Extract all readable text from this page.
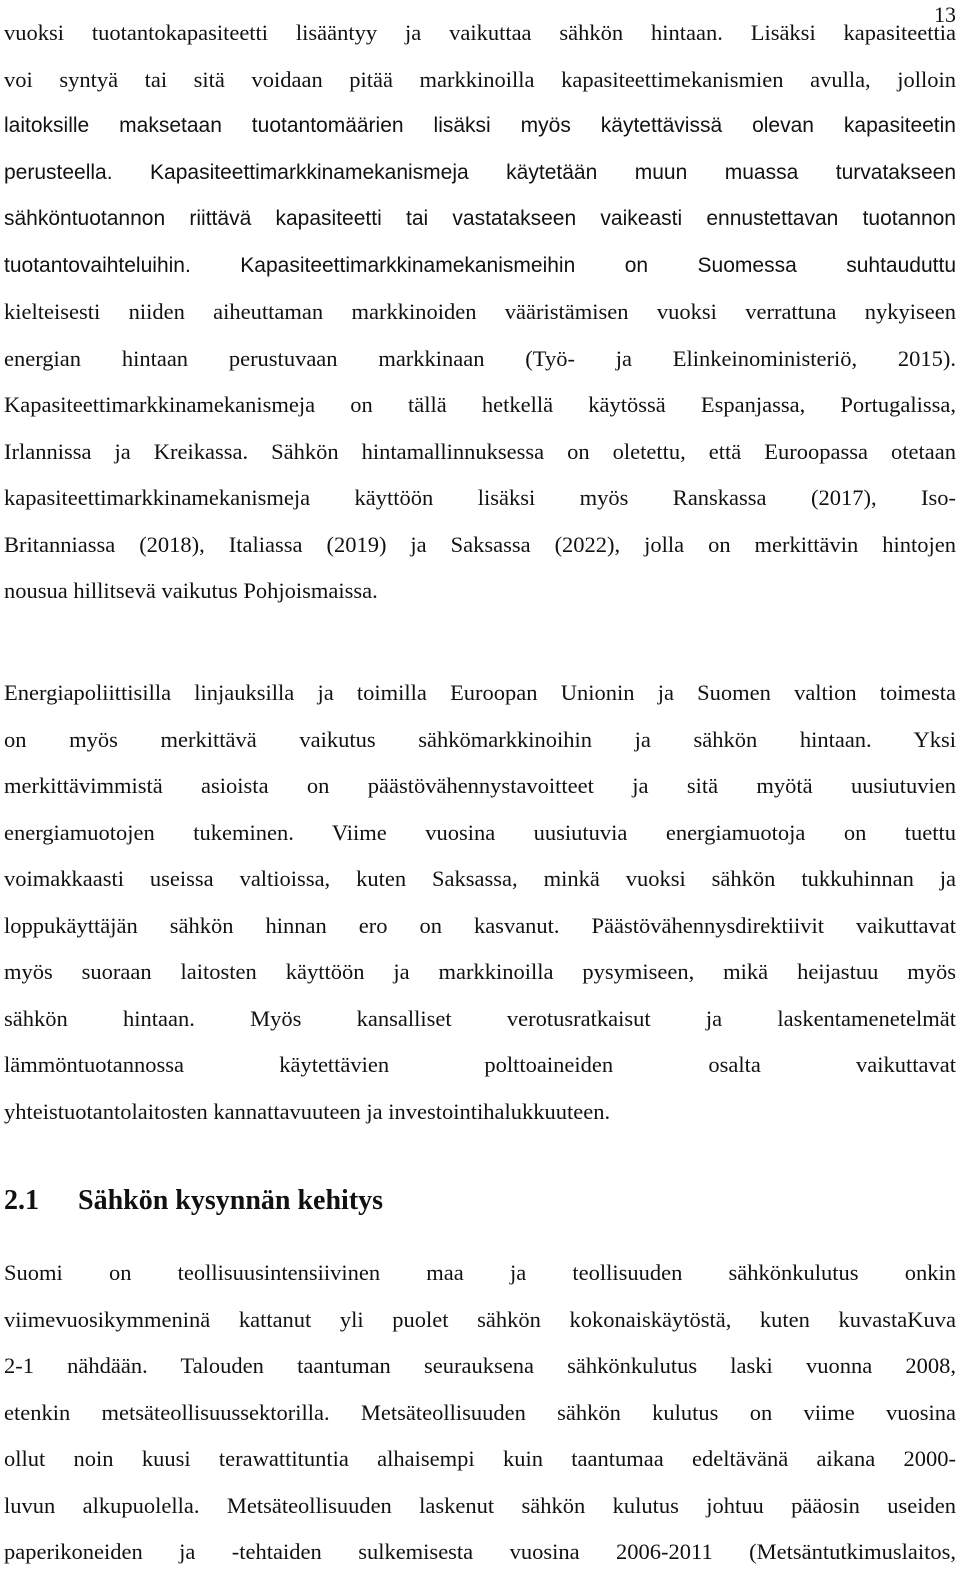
13
vuoksi tuotantokapasiteetti lisääntyy ja vaikuttaa sähkön hintaan. Lisäksi kapasiteettia
voi syntyä tai sitä voidaan pitää markkinoilla kapasiteettimekanismien avulla, jolloin
laitoksille maksetaan tuotantomäärien lisäksi myös käytettävissä olevan kapasiteetin
perusteella. Kapasiteettimarkkinamekanismeja käytetään muun muassa turvatakseen
sähköntuotannon riittävä kapasiteetti tai vastatakseen vaikeasti ennustettavan tuotannon
tuotantovaihteluihin. Kapasiteettimarkkinamekanismeihin on Suomessa suhtauduttu
kielteisesti niiden aiheuttaman markkinoiden vääristämisen vuoksi verrattuna nykyiseen
energian hintaan perustuvaan markkinaan (Työ- ja Elinkeinoministeriö, 2015).
Kapasiteettimarkkinamekanismeja on tällä hetkellä käytössä Espanjassa, Portugalissa,
Irlannissa ja Kreikassa. Sähkön hintamallinnuksessa on oletettu, että Euroopassa otetaan
kapasiteettimarkkinamekanismeja käyttöön lisäksi myös Ranskassa (2017), Iso-
Britanniassa (2018), Italiassa (2019) ja Saksassa (2022), jolla on merkittävin hintojen
nousua hillitsevä vaikutus Pohjoismaissa.
Energiapoliittisilla linjauksilla ja toimilla Euroopan Unionin ja Suomen valtion toimesta
on myös merkittävä vaikutus sähkömarkkinoihin ja sähkön hintaan. Yksi
merkittävimmistä asioista on päästövähennystavoitteet ja sitä myötä uusiutuvien
energiamuotojen tukeminen. Viime vuosina uusiutuvia energiamuotoja on tuettu
voimakkaasti useissa valtioissa, kuten Saksassa, minkä vuoksi sähkön tukkuhinnan ja
loppukäyttäjän sähkön hinnan ero on kasvanut. Päästövähennysdirektiivit vaikuttavat
myös suoraan laitosten käyttöön ja markkinoilla pysymiseen, mikä heijastuu myös
sähkön hintaan. Myös kansalliset verotusratkaisut ja laskentamenetelmät
lämmöntuotannossa käytettävien polttoaineiden osalta vaikuttavat
yhteistuotantolaitosten kannattavuuteen ja investointihalukkuuteen.
2.1 Sähkön kysynnän kehitys
Suomi on teollisuusintensiivinen maa ja teollisuuden sähkönkulutus onkin
viimevuosikymmeninä kattanut yli puolet sähkön kokonaiskäytöstä, kuten kuvastaKuva
2-1 nähdään. Talouden taantuman seurauksena sähkönkulutus laski vuonna 2008,
etenkin metsäteollisuussektorilla. Metsäteollisuuden sähkön kulutus on viime vuosina
ollut noin kuusi terawattituntia alhaisempi kuin taantumaa edeltävänä aikana 2000-
luvun alkupuolella. Metsäteollisuuden laskenut sähkön kulutus johtuu pääosin useiden
paperikoneiden ja -tehtaiden sulkemisesta vuosina 2006-2011 (Metsäntutkimuslaitos,
